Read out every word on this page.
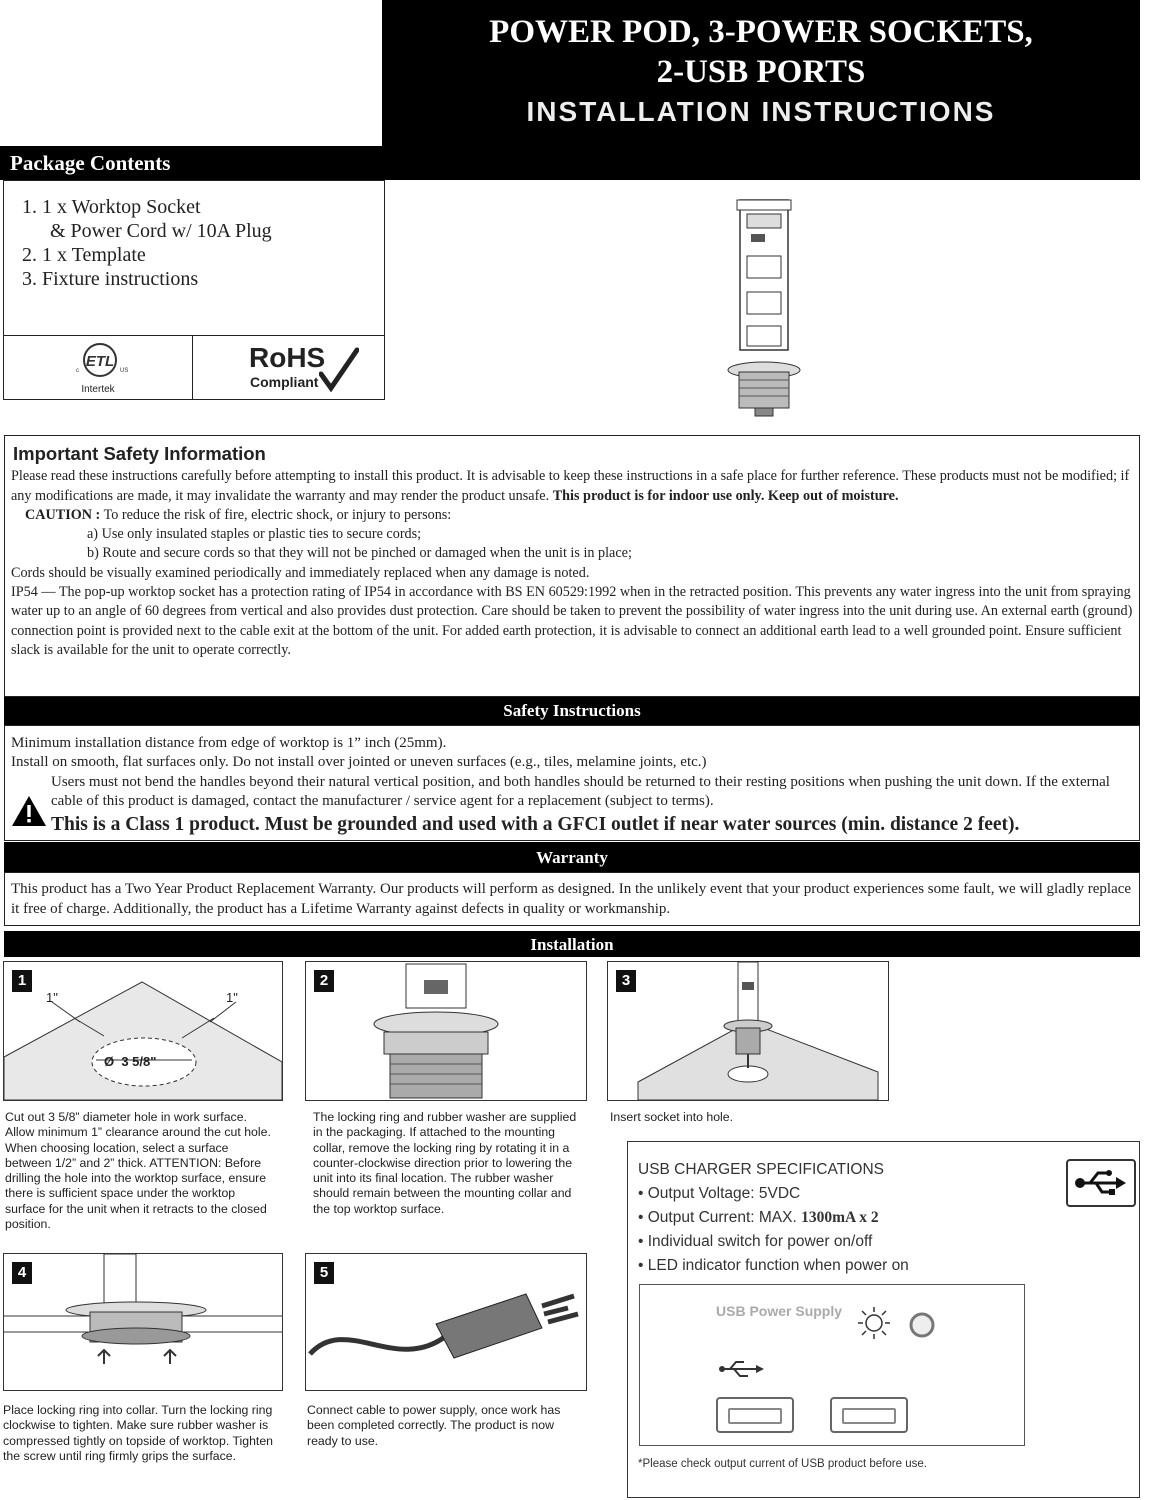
POWER POD, 3-POWER SOCKETS,
2-USB PORTS
INSTALLATION INSTRUCTIONS
Package Contents
1. 1 x Worktop Socket
& Power Cord w/ 10A Plug
2. 1 x Template
3. Fixture instructions
ETL
c	US
Intertek
RoHS
Compliant
Important Safety Information

Please read these instructions carefully before attempting to install this product. It is advisable to keep these instructions in a safe place for further reference. These products must not be modified; if any modifications are made, it may invalidate the warranty and may render the product unsafe. This product is for indoor use only. Keep out of moisture.

CAUTION : To reduce the risk of fire, electric shock, or injury to persons:

a) Use only insulated staples or plastic ties to secure cords;

b) Route and secure cords so that they will not be pinched or damaged when the unit is in place;

Cords should be visually examined periodically and immediately replaced when any damage is noted.

IP54 — The pop-up worktop socket has a protection rating of IP54 in accordance with BS EN 60529:1992 when in the retracted position. This prevents any water ingress into the unit from spraying water up to an angle of 60 degrees from vertical and also provides dust protection. Care should be taken to prevent the possibility of water ingress into the unit during use. An external earth (ground) connection point is provided next to the cable exit at the bottom of the unit. For added earth protection, it is advisable to connect an additional earth lead to a well grounded point. Ensure sufficient slack is available for the unit to operate correctly.

Safety Instructions
Minimum installation distance from edge of worktop is 1” inch (25mm).
Install on smooth, flat surfaces only. Do not install over jointed or uneven surfaces (e.g., tiles, melamine joints, etc.)
Users must not bend the handles beyond their natural vertical position, and both handles should be returned to their resting positions when pushing the unit down. If the external cable of this product is damaged, contact the manufacturer / service agent for a replacement (subject to terms).
This is a Class 1 product. Must be grounded and used with a GFCI outlet if near water sources (min. distance 2 feet).
Warranty
This product has a Two Year Product Replacement Warranty. Our products will perform as designed. In the unlikely event that your product experiences some fault, we will gladly replace it free of charge. Additionally, the product has a Lifetime Warranty against defects in quality or workmanship.
Installation
1
1"	1"
Ø  3 5/8"
Cut out 3 5/8” diameter hole in work surface. Allow minimum 1” clearance around the cut hole. When choosing location, select a surface between 1/2” and 2” thick. ATTENTION: Before drilling the hole into the worktop surface, ensure there is sufficient space under the worktop surface for the unit when it retracts to the closed position.
2
The locking ring and rubber washer are supplied in the packaging. If attached to the mounting collar, remove the locking ring by rotating it in a counter-clockwise direction prior to lowering the unit into its final location. The rubber washer should remain between the mounting collar and the top worktop surface.
3
Insert socket into hole.
4
Place locking ring into collar. Turn the locking ring clockwise to tighten. Make sure rubber washer is compressed tightly on topside of worktop. Tighten the screw until ring firmly grips the surface.
5
Connect cable to power supply, once work has been completed correctly. The product is now ready to use.
USB CHARGER SPECIFICATIONS
• Output Voltage: 5VDC
• Output Current: MAX. 1300mA x 2
• Individual switch for power on/off
• LED indicator function when power on
USB Power Supply
*Please check output current of USB product before use.
